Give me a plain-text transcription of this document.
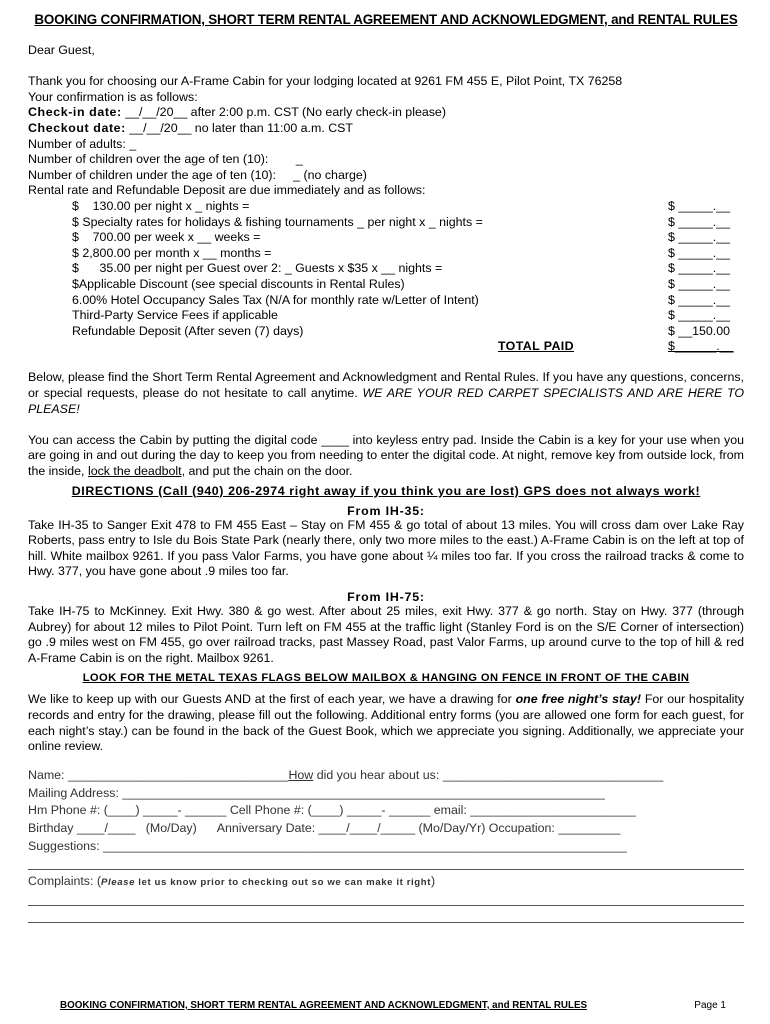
BOOKING CONFIRMATION, SHORT TERM RENTAL AGREEMENT AND ACKNOWLEDGMENT, and RENTAL RULES

Dear Guest,

Thank you for choosing our A-Frame Cabin for your lodging located at 9261 FM 455 E, Pilot Point, TX 76258

Your confirmation is as follows:

Check-in date: __/__/20__ after 2:00 p.m. CST (No early check-in please)

Checkout date: __/__/20__ no later than 11:00 a.m. CST

Number of adults: _

Number of children over the age of ten (10):        _

Number of children under the age of ten (10):     _ (no charge)

Rental rate and Refundable Deposit are due immediately and as follows:

$    130.00 per night x _ nights =	$ _____.__
$ Specialty rates for holidays & fishing tournaments _ per night x _ nights =	$ _____.__
$    700.00 per week x __ weeks =	$ _____.__
$ 2,800.00 per month x __ months =	$ _____.__
$      35.00 per night per Guest over 2: _ Guests x $35 x __ nights =	$ _____.__
$Applicable Discount (see special discounts in Rental Rules)	$ _____.__
6.00% Hotel Occupancy Sales Tax (N/A for monthly rate w/Letter of Intent)	$ _____.__
Third-Party Service Fees if applicable	$ _____.__
Refundable Deposit (After seven (7) days)	$ __150.00
TOTAL PAID	$______.__

Below, please find the Short Term Rental Agreement and Acknowledgment and Rental Rules. If you have any questions, concerns, or special requests, please do not hesitate to call anytime. WE ARE YOUR RED CARPET SPECIALISTS AND ARE HERE TO PLEASE!

You can access the Cabin by putting the digital code ____ into keyless entry pad. Inside the Cabin is a key for your use when you are going in and out during the day to keep you from needing to enter the digital code. At night, remove key from outside lock, from the inside, lock the deadbolt, and put the chain on the door.

DIRECTIONS (Call (940) 206-2974 right away if you think you are lost) GPS does not always work!
From IH-35:

Take IH-35 to Sanger Exit 478 to FM 455 East – Stay on FM 455 & go total of about 13 miles. You will cross dam over Lake Ray Roberts, pass entry to Isle du Bois State Park (nearly there, only two more miles to the east.) A-Frame Cabin is on the left at top of hill. White mailbox 9261. If you pass Valor Farms, you have gone about ¼ miles too far. If you cross the railroad tracks & come to Hwy. 377, you have gone about .9 miles too far.

From IH-75:

Take IH-75 to McKinney. Exit Hwy. 380 & go west. After about 25 miles, exit Hwy. 377 & go north. Stay on Hwy. 377 (through Aubrey) for about 12 miles to Pilot Point. Turn left on FM 455 at the traffic light (Stanley Ford is on the S/E Corner of intersection) go .9 miles west on FM 455, go over railroad tracks, past Massey Road, past Valor Farms, up around curve to the top of hill & red A-Frame Cabin is on the right. Mailbox 9261.

LOOK FOR THE METAL TEXAS FLAGS BELOW MAILBOX & HANGING ON FENCE IN FRONT OF THE CABIN

We like to keep up with our Guests AND at the first of each year, we have a drawing for one free night’s stay! For our hospitality records and entry for the drawing, please fill out the following. Additional entry forms (you are allowed one form for each guest, for each night’s stay.) can be found in the back of the Guest Book, which we appreciate you signing. Additionally, we appreciate your online review.

Name: ________________________________How did you hear about us: ________________________________

Mailing Address: ______________________________________________________________________

Hm Phone #: (____) _____- ______ Cell Phone #: (____) _____- ______ email: ________________________

Birthday ____/____   (Mo/Day)      Anniversary Date: ____/____/_____ (Mo/Day/Yr) Occupation: _________

Suggestions: ____________________________________________________________________________

Complaints: (Please let us know prior to checking out so we can make it right)

BOOKING CONFIRMATION, SHORT TERM RENTAL AGREEMENT AND ACKNOWLEDGMENT, and RENTAL RULES	Page 1
